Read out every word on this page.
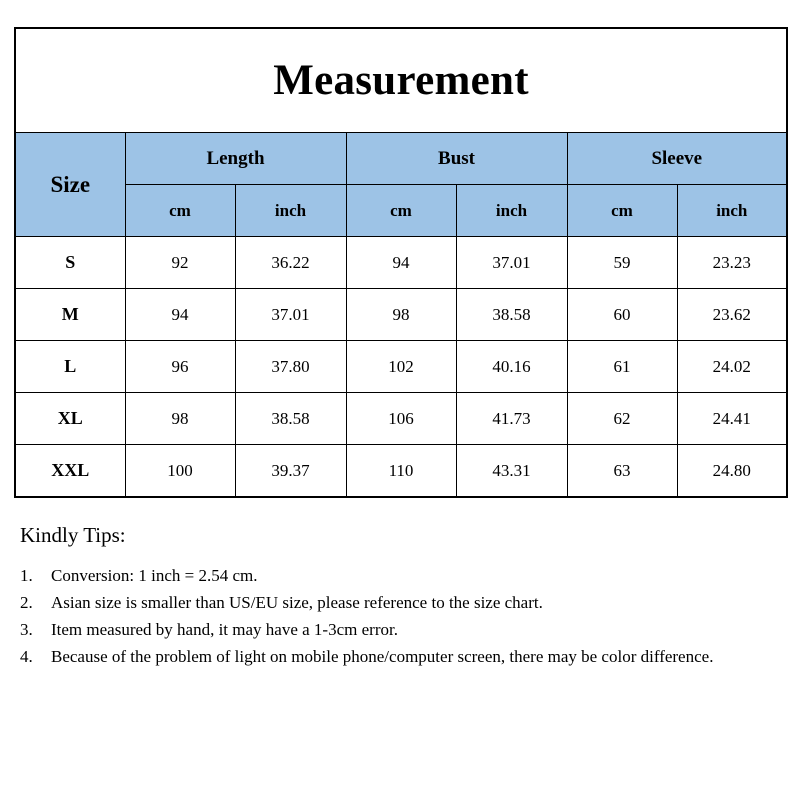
Measurement						
Size	Length		Bust		Sleeve	
	cm	inch	cm	inch	cm	inch
S	92	36.22	94	37.01	59	23.23
M	94	37.01	98	38.58	60	23.62
L	96	37.80	102	40.16	61	24.02
XL	98	38.58	106	41.73	62	24.41
XXL	100	39.37	110	43.31	63	24.80

Kindly Tips:

1.	Conversion: 1 inch = 2.54 cm.
2.	Asian size is smaller than US/EU size, please reference to the size chart.
3.	Item measured by hand, it may have a 1-3cm error.
4.	Because of the problem of light on mobile phone/computer screen, there may be color difference.
